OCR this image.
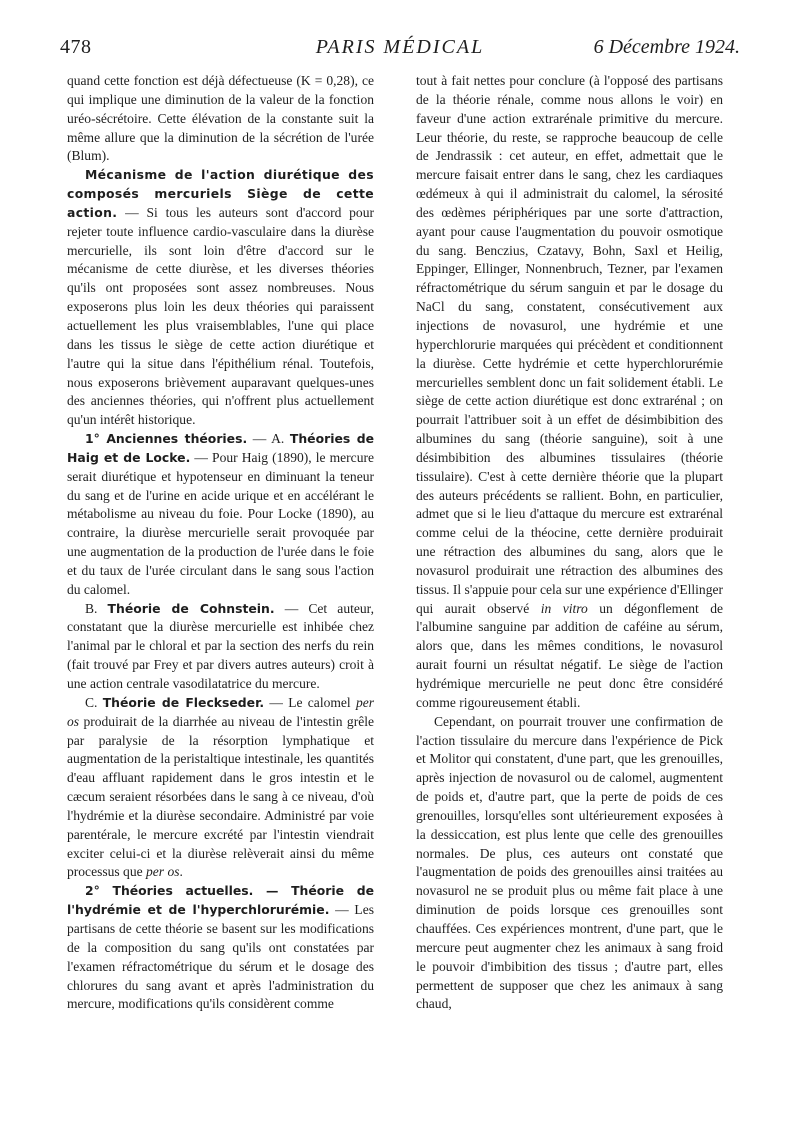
478	PARIS MÉDICAL	6 Décembre 1924.

quand cette fonction est déjà défectueuse (K = 0,28), ce qui implique une diminution de la valeur de la fonction uréo-sécrétoire. Cette élévation de la constante suit la même allure que la diminution de la sécrétion de l'urée (Blum).

Mécanisme de l'action diurétique des composés mercuriels Siège de cette action. — Si tous les auteurs sont d'accord pour rejeter toute influence cardio-vasculaire dans la diurèse mercurielle, ils sont loin d'être d'accord sur le mécanisme de cette diurèse, et les diverses théories qu'ils ont proposées sont assez nombreuses. Nous exposerons plus loin les deux théories qui paraissent actuellement les plus vraisemblables, l'une qui place dans les tissus le siège de cette action diurétique et l'autre qui la situe dans l'épithélium rénal. Toutefois, nous exposerons brièvement auparavant quelques-unes des anciennes théories, qui n'offrent plus actuellement qu'un intérêt historique.

1° Anciennes théories. — A. Théories de Haig et de Locke. — Pour Haig (1890), le mercure serait diurétique et hypotenseur en diminuant la teneur du sang et de l'urine en acide urique et en accélérant le métabolisme au niveau du foie. Pour Locke (1890), au contraire, la diurèse mercurielle serait provoquée par une augmentation de la production de l'urée dans le foie et du taux de l'urée circulant dans le sang sous l'action du calomel.

B. Théorie de Cohnstein. — Cet auteur, constatant que la diurèse mercurielle est inhibée chez l'animal par le chloral et par la section des nerfs du rein (fait trouvé par Frey et par divers autres auteurs) croit à une action centrale vasodilatatrice du mercure.

C. Théorie de Fleckseder. — Le calomel per os produirait de la diarrhée au niveau de l'intestin grêle par paralysie de la résorption lymphatique et augmentation de la peristaltique intestinale, les quantités d'eau affluant rapidement dans le gros intestin et le cæcum seraient résorbées dans le sang à ce niveau, d'où l'hydrémie et la diurèse secondaire. Administré par voie parentérale, le mercure excrété par l'intestin viendrait exciter celui-ci et la diurèse relèverait ainsi du même processus que per os.

2° Théories actuelles. — Théorie de l'hydrémie et de l'hyperchlorurémie. — Les partisans de cette théorie se basent sur les modifications de la composition du sang qu'ils ont constatées par l'examen réfractométrique du sérum et le dosage des chlorures du sang avant et après l'administration du mercure, modifications qu'ils considèrent comme

tout à fait nettes pour conclure (à l'opposé des partisans de la théorie rénale, comme nous allons le voir) en faveur d'une action extrarénale primitive du mercure. Leur théorie, du reste, se rapproche beaucoup de celle de Jendrassik : cet auteur, en effet, admettait que le mercure faisait entrer dans le sang, chez les cardiaques œdémeux à qui il administrait du calomel, la sérosité des œdèmes périphériques par une sorte d'attraction, ayant pour cause l'augmentation du pouvoir osmotique du sang. Benczius, Czatavy, Bohn, Saxl et Heilig, Eppinger, Ellinger, Nonnenbruch, Tezner, par l'examen réfractométrique du sérum sanguin et par le dosage du NaCl du sang, constatent, consécutivement aux injections de novasurol, une hydrémie et une hyperchlorurie marquées qui précèdent et conditionnent la diurèse. Cette hydrémie et cette hyperchlorurémie mercurielles semblent donc un fait solidement établi. Le siège de cette action diurétique est donc extrarénal ; on pourrait l'attribuer soit à un effet de désimbibition des albumines du sang (théorie sanguine), soit à une désimbibition des albumines tissulaires (théorie tissulaire). C'est à cette dernière théorie que la plupart des auteurs précédents se rallient. Bohn, en particulier, admet que si le lieu d'attaque du mercure est extrarénal comme celui de la théocine, cette dernière produirait une rétraction des albumines du sang, alors que le novasurol produirait une rétraction des albumines des tissus. Il s'appuie pour cela sur une expérience d'Ellinger qui aurait observé in vitro un dégonflement de l'albumine sanguine par addition de caféine au sérum, alors que, dans les mêmes conditions, le novasurol aurait fourni un résultat négatif. Le siège de l'action hydrémique mercurielle ne peut donc être considéré comme rigoureusement établi.

Cependant, on pourrait trouver une confirmation de l'action tissulaire du mercure dans l'expérience de Pick et Molitor qui constatent, d'une part, que les grenouilles, après injection de novasurol ou de calomel, augmentent de poids et, d'autre part, que la perte de poids de ces grenouilles, lorsqu'elles sont ultérieurement exposées à la dessiccation, est plus lente que celle des grenouilles normales. De plus, ces auteurs ont constaté que l'augmentation de poids des grenouilles ainsi traitées au novasurol ne se produit plus ou même fait place à une diminution de poids lorsque ces grenouilles sont chauffées. Ces expériences montrent, d'une part, que le mercure peut augmenter chez les animaux à sang froid le pouvoir d'imbibition des tissus ; d'autre part, elles permettent de supposer que chez les animaux à sang chaud,
